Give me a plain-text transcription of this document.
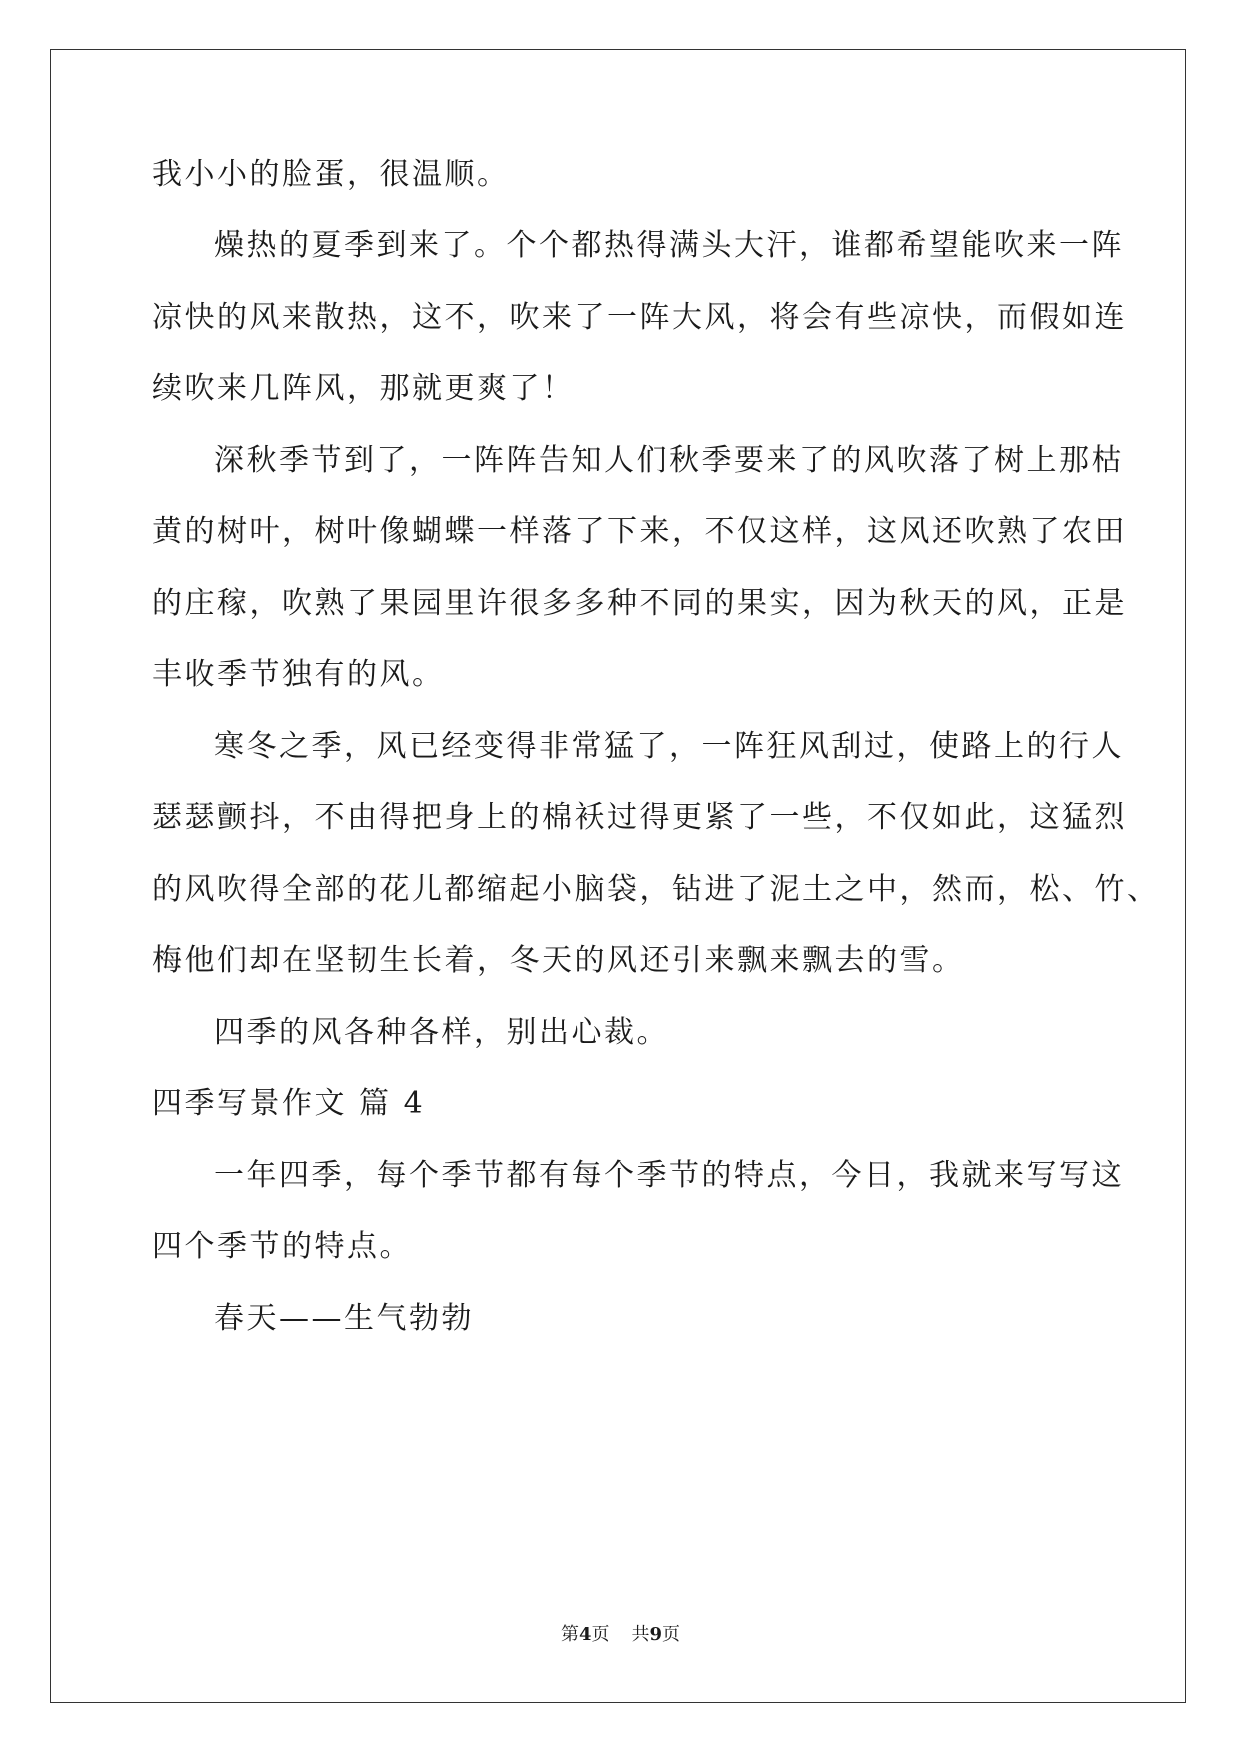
我小小的脸蛋，很温顺。
燥热的夏季到来了。个个都热得满头大汗，谁都希望能吹来一阵
凉快的风来散热，这不，吹来了一阵大风，将会有些凉快，而假如连
续吹来几阵风，那就更爽了！
深秋季节到了，一阵阵告知人们秋季要来了的风吹落了树上那枯
黄的树叶，树叶像蝴蝶一样落了下来，不仅这样，这风还吹熟了农田
的庄稼，吹熟了果园里许很多多种不同的果实，因为秋天的风，正是
丰收季节独有的风。
寒冬之季，风已经变得非常猛了，一阵狂风刮过，使路上的行人
瑟瑟颤抖，不由得把身上的棉袄过得更紧了一些，不仅如此，这猛烈
的风吹得全部的花儿都缩起小脑袋，钻进了泥土之中，然而，松、竹、
梅他们却在坚韧生长着，冬天的风还引来飘来飘去的雪。
四季的风各种各样，别出心裁。
四季写景作文 篇 4
一年四季，每个季节都有每个季节的特点，今日，我就来写写这
四个季节的特点。
春天——生气勃勃
第4页 共9页
